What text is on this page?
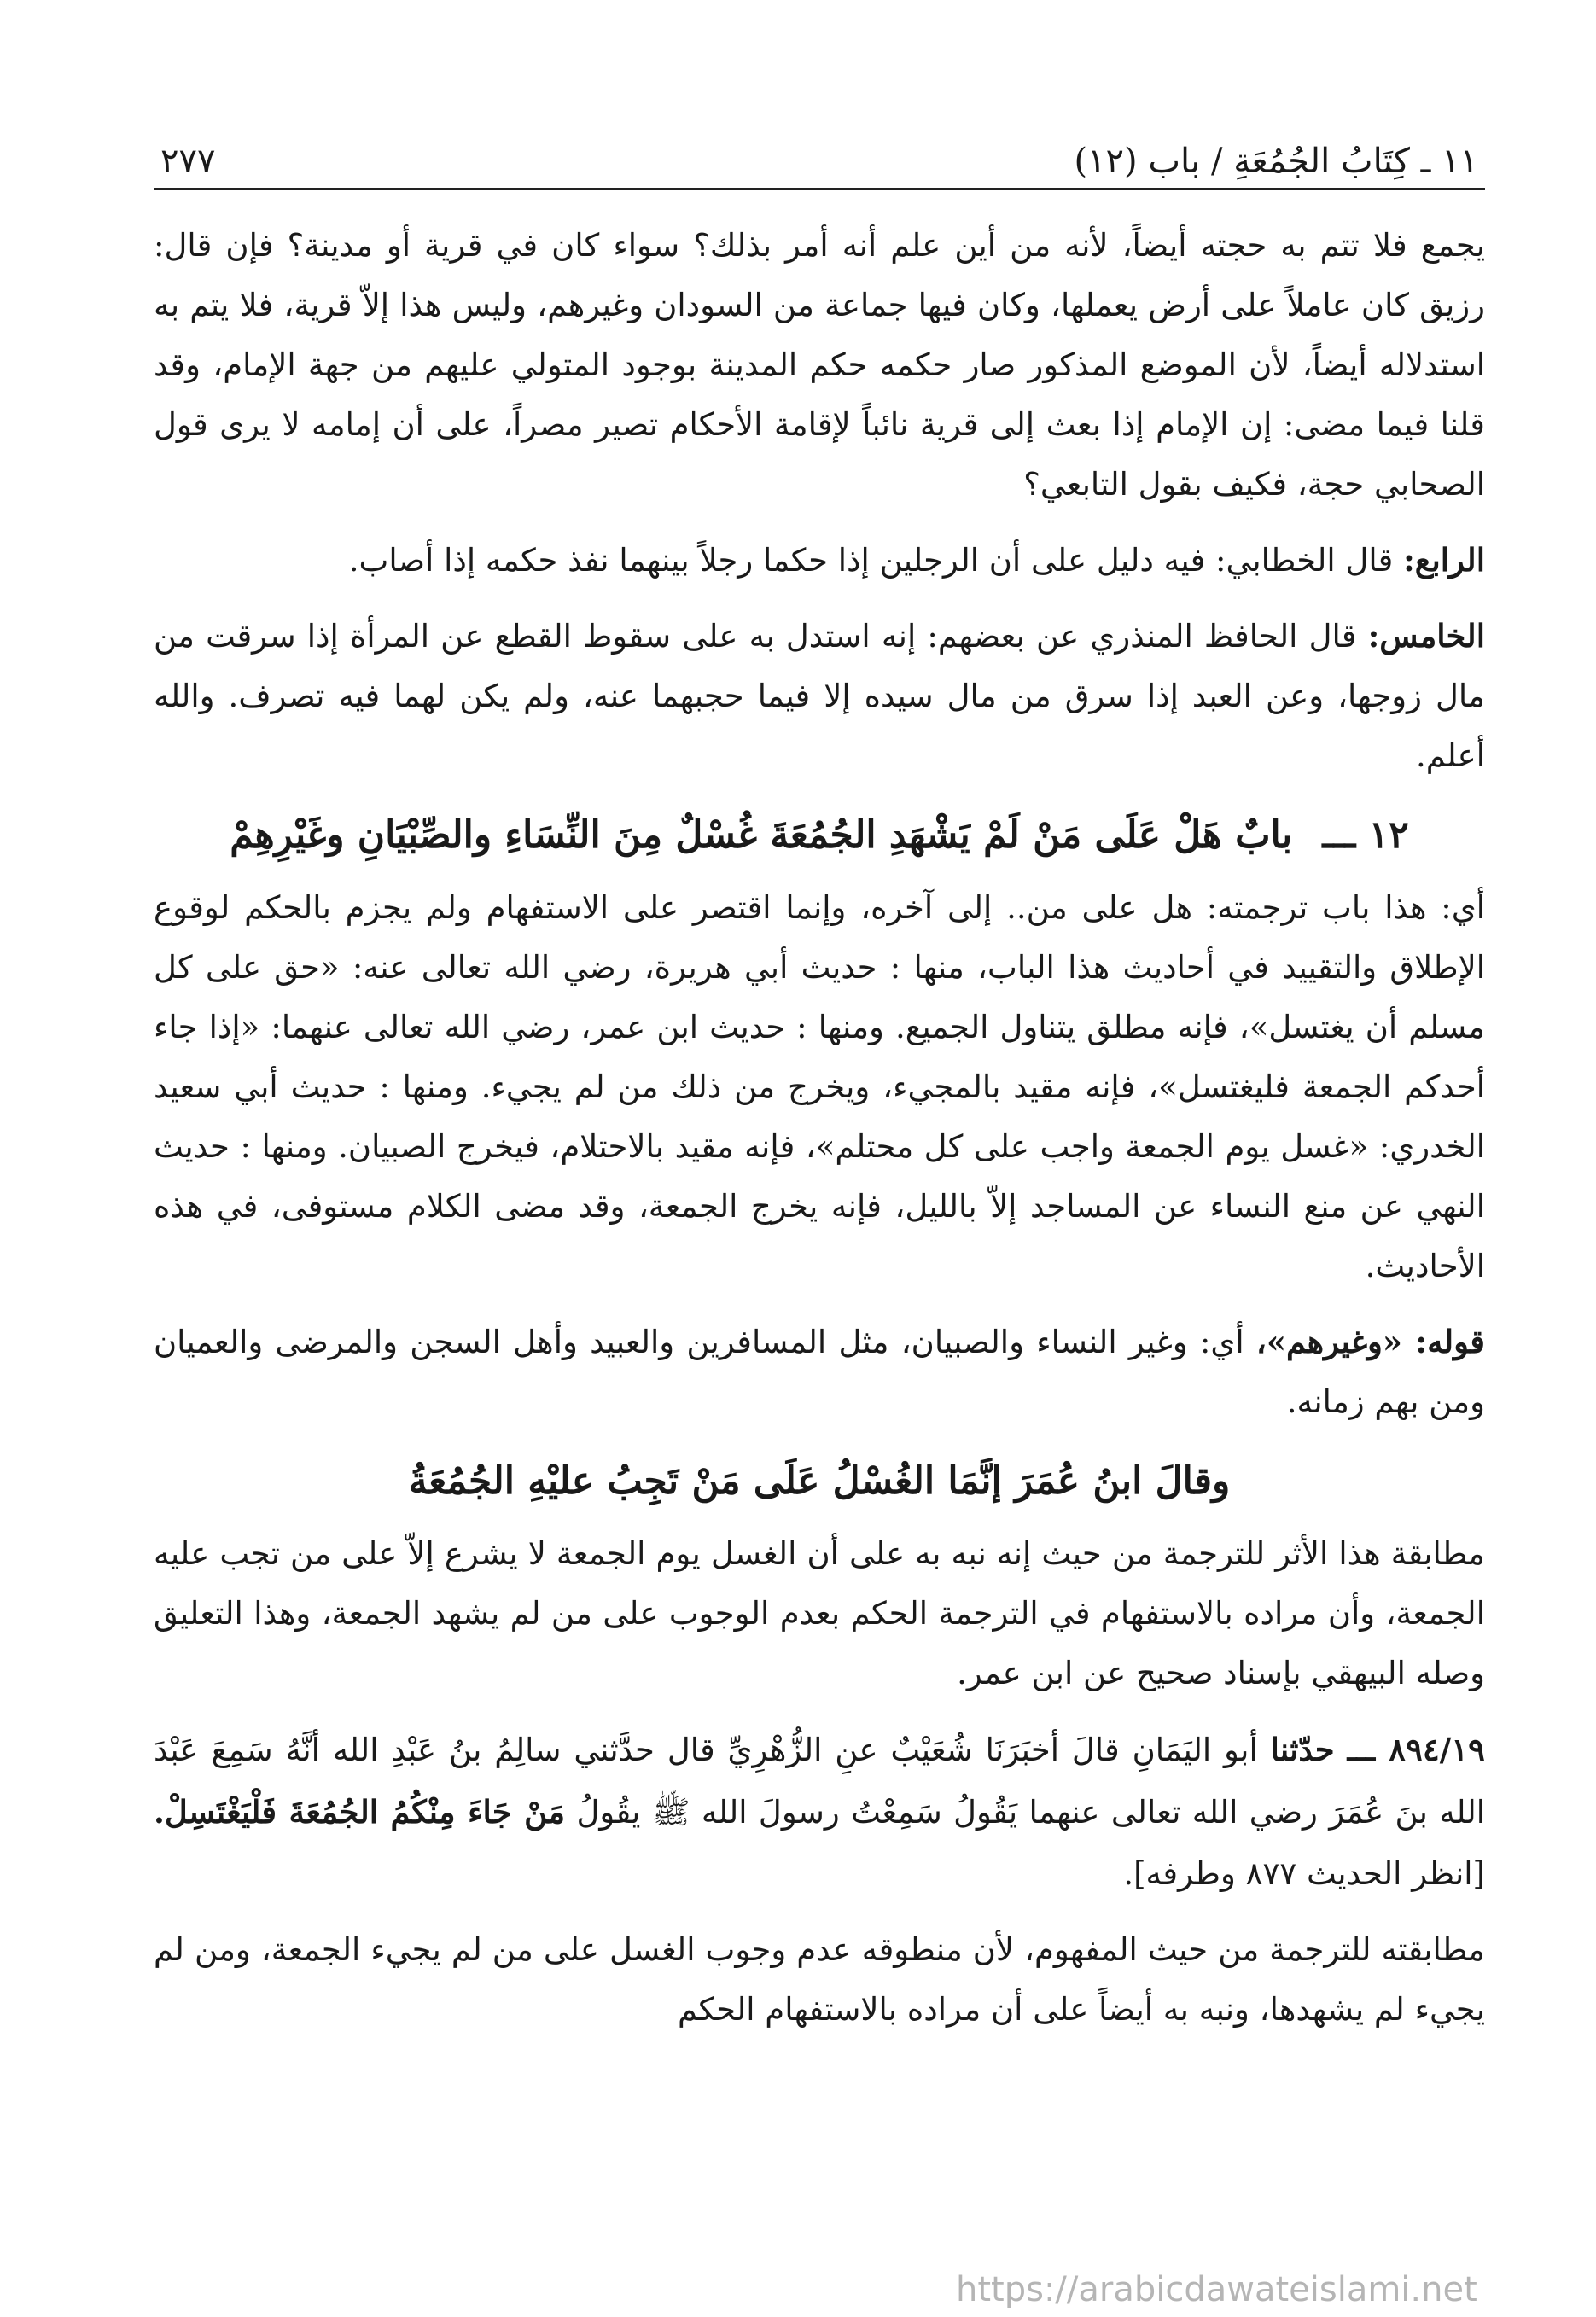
١١ ـ كِتَابُ الجُمُعَةِ / باب (١٢)
٢٧٧

يجمع فلا تتم به حجته أيضاً، لأنه من أين علم أنه أمر بذلك؟ سواء كان في قرية أو مدينة؟ فإن قال: رزيق كان عاملاً على أرض يعملها، وكان فيها جماعة من السودان وغيرهم، وليس هذا إلاّ قرية، فلا يتم به استدلاله أيضاً، لأن الموضع المذكور صار حكمه حكم المدينة بوجود المتولي عليهم من جهة الإمام، وقد قلنا فيما مضى: إن الإمام إذا بعث إلى قرية نائباً لإقامة الأحكام تصير مصراً، على أن إمامه لا يرى قول الصحابي حجة، فكيف بقول التابعي؟

الرابع: قال الخطابي: فيه دليل على أن الرجلين إذا حكما رجلاً بينهما نفذ حكمه إذا أصاب.

الخامس: قال الحافظ المنذري عن بعضهم: إنه استدل به على سقوط القطع عن المرأة إذا سرقت من مال زوجها، وعن العبد إذا سرق من مال سيده إلا فيما حجبهما عنه، ولم يكن لهما فيه تصرف. والله أعلم.

١٢ ـــ بابٌ هَلْ عَلَى مَنْ لَمْ يَشْهَدِ الجُمُعَةَ غُسْلٌ مِنَ النِّسَاءِ والصِّبْيَانِ وغَيْرِهِمْ

أي: هذا باب ترجمته: هل على من.. إلى آخره، وإنما اقتصر على الاستفهام ولم يجزم بالحكم لوقوع الإطلاق والتقييد في أحاديث هذا الباب، منها : حديث أبي هريرة، رضي الله تعالى عنه: «حق على كل مسلم أن يغتسل»، فإنه مطلق يتناول الجميع. ومنها : حديث ابن عمر، رضي الله تعالى عنهما: «إذا جاء أحدكم الجمعة فليغتسل»، فإنه مقيد بالمجيء، ويخرج من ذلك من لم يجيء. ومنها : حديث أبي سعيد الخدري: «غسل يوم الجمعة واجب على كل محتلم»، فإنه مقيد بالاحتلام، فيخرج الصبيان. ومنها : حديث النهي عن منع النساء عن المساجد إلاّ بالليل، فإنه يخرج الجمعة، وقد مضى الكلام مستوفى، في هذه الأحاديث.

قوله: «وغيرهم»، أي: وغير النساء والصبيان، مثل المسافرين والعبيد وأهل السجن والمرضى والعميان ومن بهم زمانه.

وقالَ ابنُ عُمَرَ إنَّمَا الغُسْلُ عَلَى مَنْ تَجِبُ عليْهِ الجُمُعَةُ

مطابقة هذا الأثر للترجمة من حيث إنه نبه به على أن الغسل يوم الجمعة لا يشرع إلاّ على من تجب عليه الجمعة، وأن مراده بالاستفهام في الترجمة الحكم بعدم الوجوب على من لم يشهد الجمعة، وهذا التعليق وصله البيهقي بإسناد صحيح عن ابن عمر.

٨٩٤/١٩ ـــ حدّثنا أبو اليَمَانِ قالَ أخبَرَنَا شُعَيْبٌ عنِ الزُّهْرِيِّ قال حدَّثني سالِمُ بنُ عَبْدِ الله أنَّهُ سَمِعَ عَبْدَ الله بنَ عُمَرَ رضي الله تعالى عنهما يَقُولُ سَمِعْتُ رسولَ الله ﷺ يقُولُ مَنْ جَاءَ مِنْكُمُ الجُمُعَةَ فَلْيَغْتَسِلْ. [انظر الحديث ٨٧٧ وطرفه].

مطابقته للترجمة من حيث المفهوم، لأن منطوقه عدم وجوب الغسل على من لم يجيء الجمعة، ومن لم يجيء لم يشهدها، ونبه به أيضاً على أن مراده بالاستفهام الحكم

https://arabicdawateislami.net
